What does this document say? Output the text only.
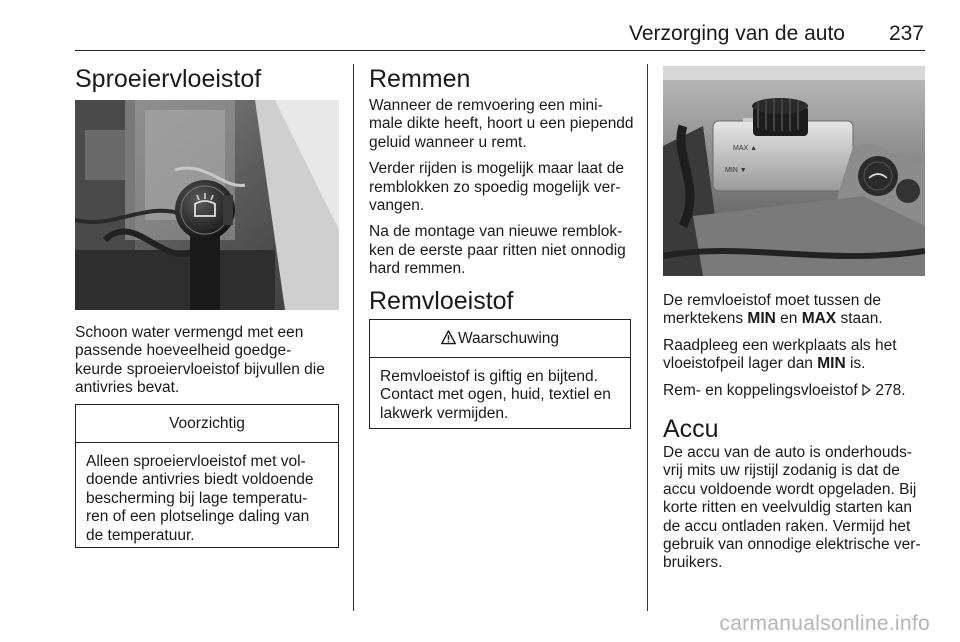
Verzorging van de auto	237
Sproeiervloeistof

Schoon water vermengd met een

passende hoeveelheid goedge-

keurde sproeiervloeistof bijvullen die

antivries bevat.

Voorzichtig

Alleen sproeiervloeistof met vol-

doende antivries biedt voldoende

bescherming bij lage temperatu-

ren of een plotselinge daling van

de temperatuur.

Remmen

Wanneer de remvoering een mini-

male dikte heeft, hoort u een piependd

geluid wanneer u remt.

Verder rijden is mogelijk maar laat de

remblokken zo spoedig mogelijk ver-

vangen.

Na de montage van nieuwe remblok-

ken de eerste paar ritten niet onnodig

hard remmen.

Remvloeistof
Waarschuwing

Remvloeistof is giftig en bijtend.

Contact met ogen, huid, textiel en

lakwerk vermijden.

MAX ▲
MIN ▼

De remvloeistof moet tussen de

merktekens MIN en MAX staan.

Raadpleeg een werkplaats als het

vloeistofpeil lager dan MIN is.

Rem- en koppelingsvloeistof  278.

Accu

De accu van de auto is onderhouds-

vrij mits uw rijstijl zodanig is dat de

accu voldoende wordt opgeladen. Bij

korte ritten en veelvuldig starten kan

de accu ontladen raken. Vermijd het

gebruik van onnodige elektrische ver-

bruikers.

carmanualsonline.info
